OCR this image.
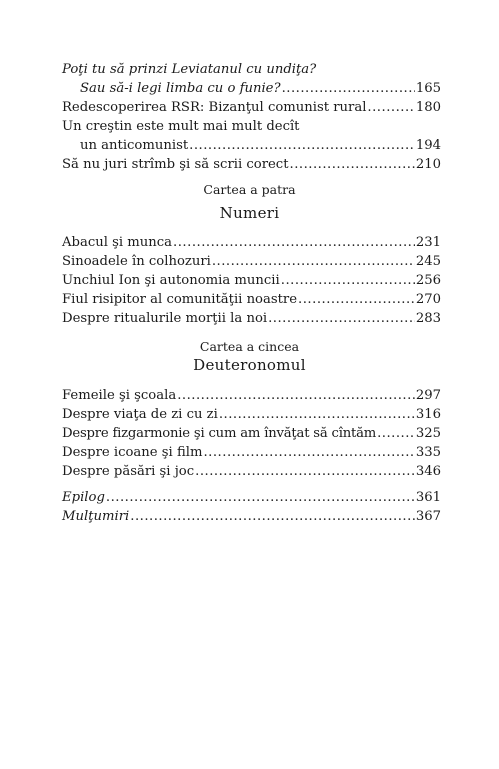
Poţi tu să prinzi Leviatanul cu undiţa?
Sau să-i legi limba cu o funie? .....	165
Redescoperirea RSR: Bizanţul comunist rural .....	180
Un creştin este mult mai mult decît
un anticomunist .....	194
Să nu juri strîmb şi să scrii corect .....	210
Cartea a patra
Numeri
Abacul şi munca .....	231
Sinoadele în colhozuri .....	245
Unchiul Ion şi autonomia muncii .....	256
Fiul risipitor al comunităţii noastre .....	270
Despre ritualurile morţii la noi .....	283
Cartea a cincea
Deuteronomul
Femeile şi şcoala .....	297
Despre viaţa de zi cu zi .....	316
Despre fizgarmonie şi cum am învăţat să cîntăm .....	325
Despre icoane şi film .....	335
Despre păsări şi joc .....	346
Epilog .....	361
Mulţumiri .....	367
